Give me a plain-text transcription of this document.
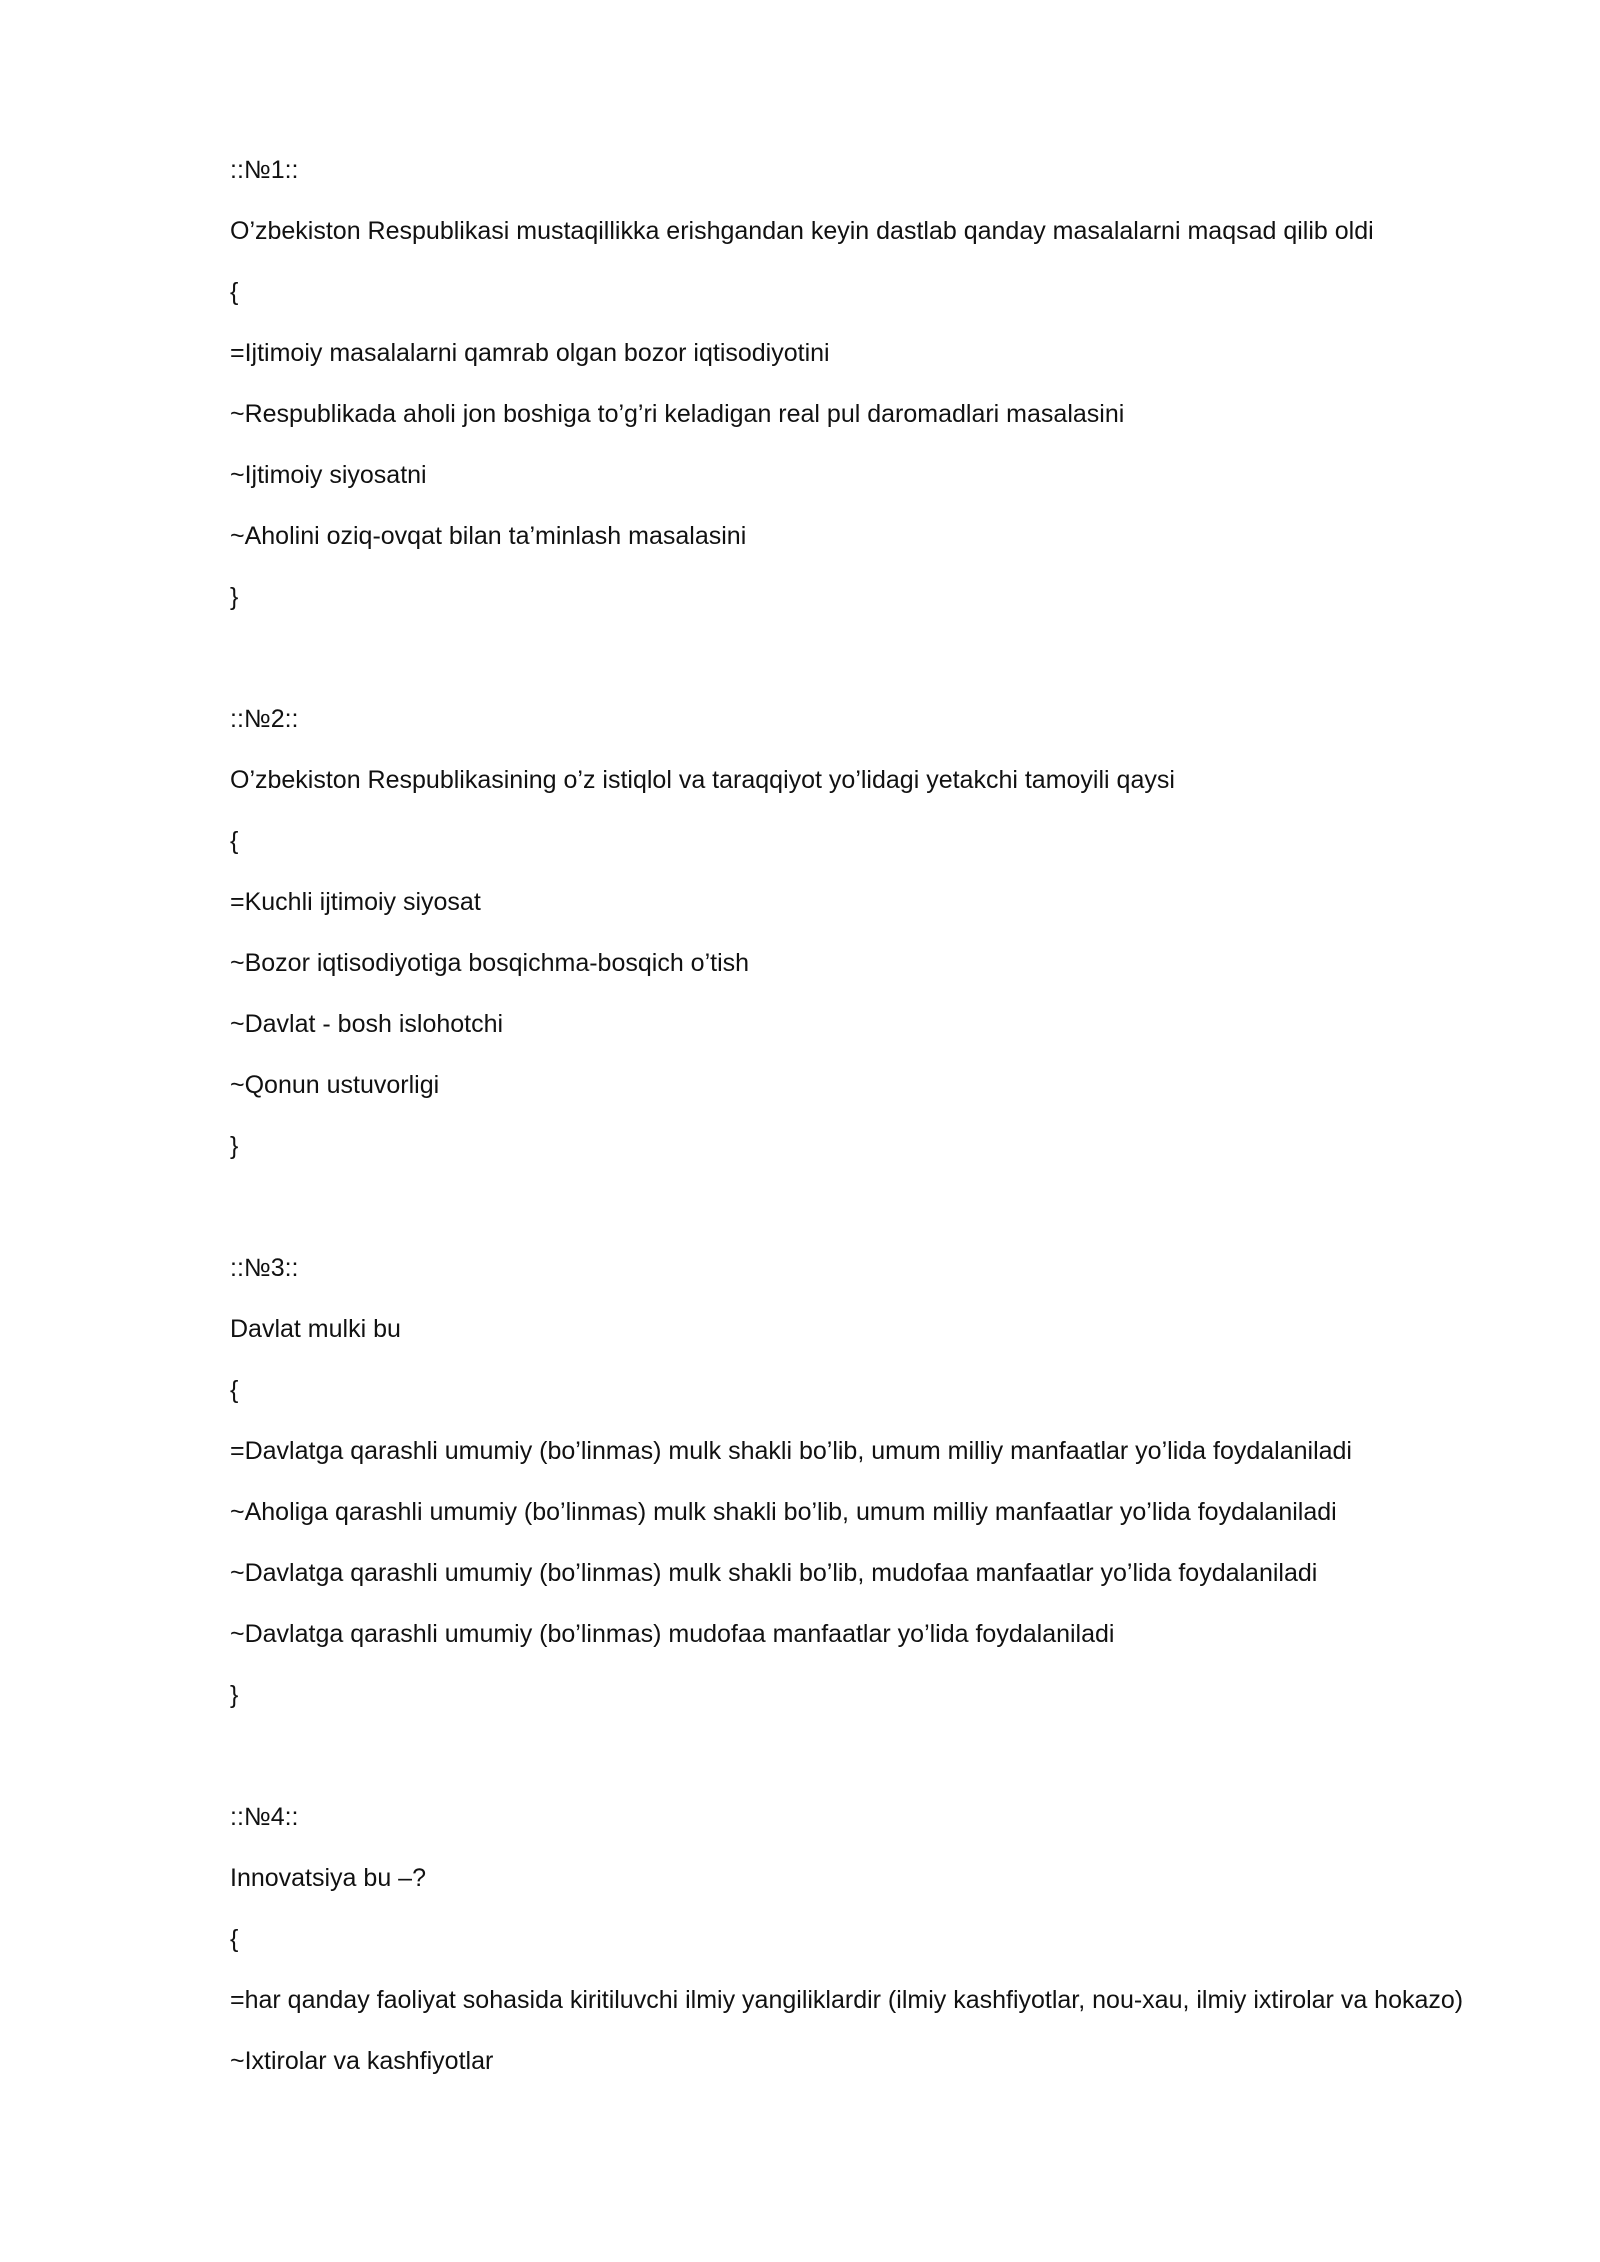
::№1::
O’zbekiston Respublikasi mustaqillikka erishgandan keyin dastlab qanday masalalarni maqsad qilib oldi
{
=Ijtimoiy masalalarni qamrab olgan bozor iqtisodiyotini
~Respublikada aholi jon boshiga to’g’ri keladigan real pul daromadlari masalasini
~Ijtimoiy siyosatni
~Aholini oziq-ovqat bilan ta’minlash masalasini
}
::№2::
O’zbekiston Respublikasining o’z istiqlol va taraqqiyot yo’lidagi yetakchi tamoyili qaysi
{
=Kuchli ijtimoiy siyosat
~Bozor iqtisodiyotiga bosqichma-bosqich o’tish
~Davlat - bosh islohotchi
~Qonun ustuvorligi
}
::№3::
Davlat mulki bu
{
=Davlatga qarashli umumiy (bo’linmas) mulk shakli bo’lib, umum milliy manfaatlar yo’lida foydalaniladi
~Aholiga qarashli umumiy (bo’linmas) mulk shakli bo’lib, umum milliy manfaatlar yo’lida foydalaniladi
~Davlatga qarashli umumiy (bo’linmas) mulk shakli bo’lib, mudofaa manfaatlar yo’lida foydalaniladi
~Davlatga qarashli umumiy (bo’linmas) mudofaa manfaatlar yo’lida foydalaniladi
}
::№4::
Innovatsiya bu –?
{
=har qanday faoliyat sohasida kiritiluvchi ilmiy yangiliklardir (ilmiy kashfiyotlar, nou-xau, ilmiy ixtirolar va hokazo)
~Ixtirolar va kashfiyotlar
